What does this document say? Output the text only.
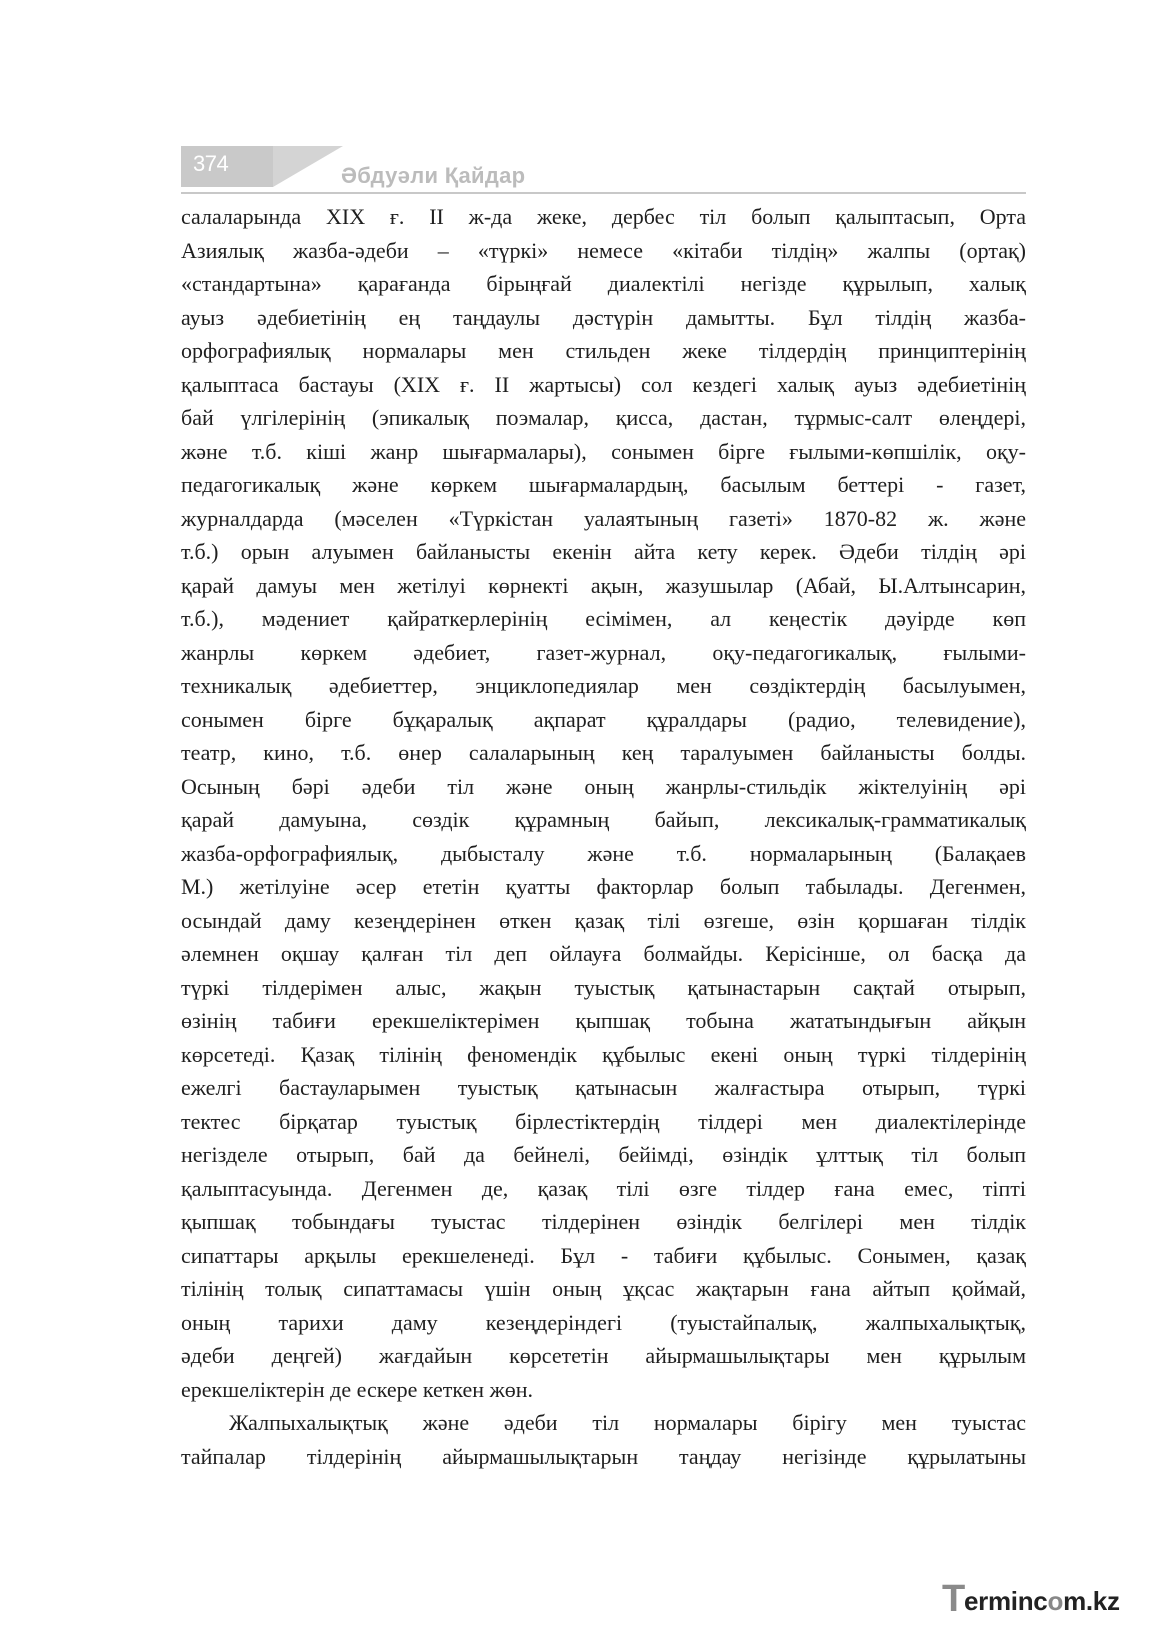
374	Әбдуәли Қайдар
салаларында XIX ғ. II ж-да жеке, дербес тіл болып қалыптасып, Орта
Азиялық жазба-әдеби – «түркі» немесе «кітаби тілдің» жалпы (ортақ)
«стандартына» қарағанда бірыңғай диалектілі негізде құрылып, халық
ауыз әдебиетінің ең таңдаулы дәстүрін дамытты. Бұл тілдің жазба-
орфографиялық нормалары мен стильден жеке тілдердің принциптерінің
қалыптаса бастауы (XIX ғ. II жартысы) сол кездегі халық ауыз әдебиетінің
бай үлгілерінің (эпикалық поэмалар, қисса, дастан, тұрмыс-салт өлеңдері,
және т.б. кіші жанр шығармалары), сонымен бірге ғылыми-көпшілік, оқу-
педагогикалық және көркем шығармалардың, басылым беттері - газет,
журналдарда (мәселен «Түркістан уалаятының газеті» 1870-82 ж. және
т.б.) орын алуымен байланысты екенін айта кету керек. Әдеби тілдің әрі
қарай дамуы мен жетілуі көрнекті ақын, жазушылар (Абай, Ы.Алтынсарин,
т.б.), мәдениет қайраткерлерінің есімімен, ал кеңестік дәуірде көп
жанрлы көркем әдебиет, газет-журнал, оқу-педагогикалық, ғылыми-
техникалық әдебиеттер, энциклопедиялар мен сөздіктердің басылуымен,
сонымен бірге бұқаралық ақпарат құралдары (радио, телевидение),
театр, кино, т.б. өнер салаларының кең таралуымен байланысты болды.
Осының бәрі әдеби тіл және оның жанрлы-стильдік жіктелуінің әрі
қарай дамуына, сөздік құрамның байып, лексикалық-грамматикалық
жазба-орфографиялық, дыбысталу және т.б. нормаларының (Балақаев
М.) жетілуіне әсер ететін қуатты факторлар болып табылады. Дегенмен,
осындай даму кезеңдерінен өткен қазақ тілі өзгеше, өзін қоршаған тілдік
әлемнен оқшау қалған тіл деп ойлауға болмайды. Керісінше, ол басқа да
түркі тілдерімен алыс, жақын туыстық қатынастарын сақтай отырып,
өзінің табиғи ерекшеліктерімен қыпшақ тобына жататындығын айқын
көрсетеді. Қазақ тілінің феномендік құбылыс екені оның түркі тілдерінің
ежелгі бастауларымен туыстық қатынасын жалғастыра отырып, түркі
тектес бірқатар туыстық бірлестіктердің тілдері мен диалектілерінде
негізделе отырып, бай да бейнелі, бейімді, өзіндік ұлттық тіл болып
қалыптасуында. Дегенмен де, қазақ тілі өзге тілдер ғана емес, тіпті
қыпшақ тобындағы туыстас тілдерінен өзіндік белгілері мен тілдік
сипаттары арқылы ерекшеленеді. Бұл - табиғи құбылыс. Сонымен, қазақ
тілінің толық сипаттамасы үшін оның ұқсас жақтарын ғана айтып қоймай,
оның тарихи даму кезеңдеріндегі (туыстайпалық, жалпыхалықтық,
әдеби деңгей) жағдайын көрсететін айырмашылықтары мен құрылым
ерекшеліктерін де ескере кеткен жөн.
Жалпыхалықтық және әдеби тіл нормалары бірігу мен туыстас
тайпалар тілдерінің айырмашылықтарын таңдау негізінде құрылатыны
T
ermincom.kz
